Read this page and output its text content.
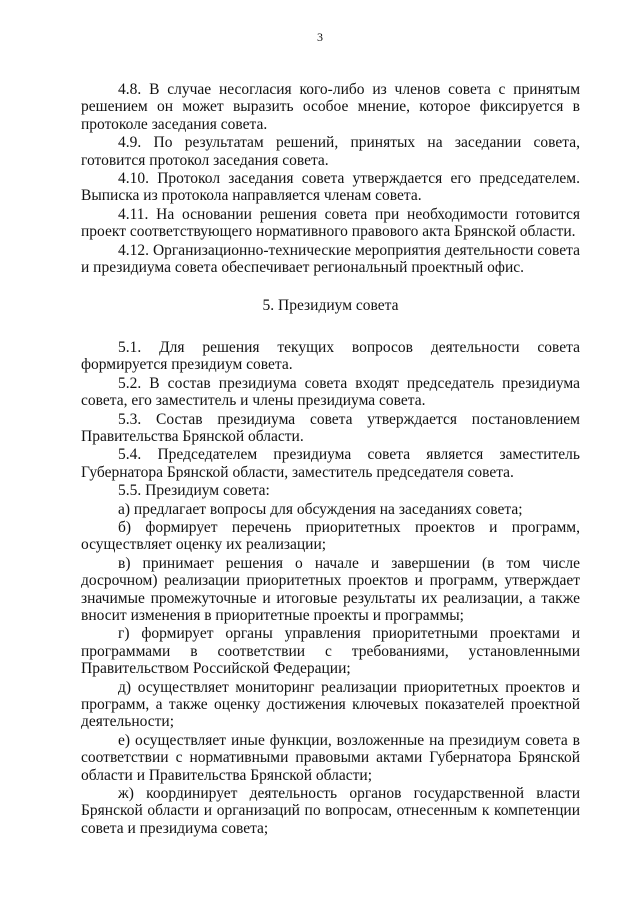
3

4.8. В случае несогласия кого-либо из членов совета с принятым решением он может выразить особое мнение, которое фиксируется в протоколе заседания совета.

4.9. По результатам решений, принятых на заседании совета, готовится протокол заседания совета.

4.10. Протокол заседания совета утверждается его председателем. Выписка из протокола направляется членам совета.

4.11. На основании решения совета при необходимости готовится проект соответствующего нормативного правового акта Брянской области.

4.12. Организационно-технические мероприятия деятельности совета и президиума совета обеспечивает региональный проектный офис.

5. Президиум совета

5.1. Для решения текущих вопросов деятельности совета формируется президиум совета.

5.2. В состав президиума совета входят председатель президиума совета, его заместитель и члены президиума совета.

5.3. Состав президиума совета утверждается постановлением Правительства Брянской области.

5.4. Председателем президиума совета является заместитель Губернатора Брянской области, заместитель председателя совета.

5.5. Президиум совета:

а) предлагает вопросы для обсуждения на заседаниях совета;

б) формирует перечень приоритетных проектов и программ, осуществляет оценку их реализации;

в) принимает решения о начале и завершении (в том числе досрочном) реализации приоритетных проектов и программ, утверждает значимые промежуточные и итоговые результаты их реализации, а также вносит изменения в приоритетные проекты и программы;

г) формирует органы управления приоритетными проектами и программами в соответствии с требованиями, установленными Правительством Российской Федерации;

д) осуществляет мониторинг реализации приоритетных проектов и программ, а также оценку достижения ключевых показателей проектной деятельности;

е) осуществляет иные функции, возложенные на президиум совета в соответствии с нормативными правовыми актами Губернатора Брянской области и Правительства Брянской области;

ж) координирует деятельность органов государственной власти Брянской области и организаций по вопросам, отнесенным к компетенции совета и президиума совета;
